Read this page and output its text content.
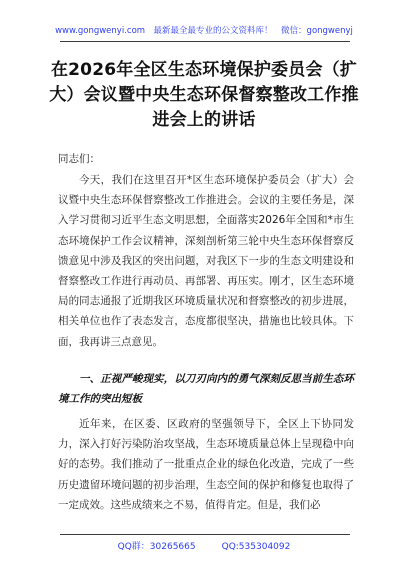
www.gongwenyi.com　最新最全最专业的公文资料库！　微信：gongwenyj
在2026年全区生态环境保护委员会（扩大）会议暨中央生态环保督察整改工作推进会上的讲话
同志们：
今天，我们在这里召开*区生态环境保护委员会（扩大）会议暨中央生态环保督察整改工作推进会。会议的主要任务是，深入学习贯彻习近平生态文明思想，全面落实2026年全国和*市生态环境保护工作会议精神，深刻剖析第三轮中央生态环保督察反馈意见中涉及我区的突出问题，对我区下一步的生态文明建设和督察整改工作进行再动员、再部署、再压实。刚才，区生态环境局的同志通报了近期我区环境质量状况和督察整改的初步进展，相关单位也作了表态发言，态度都很坚决，措施也比较具体。下面，我再讲三点意见。
一、正视严峻现实，以刀刃向内的勇气深刻反思当前生态环境工作的突出短板
近年来，在区委、区政府的坚强领导下，全区上下协同发力，深入打好污染防治攻坚战，生态环境质量总体上呈现稳中向好的态势。我们推动了一批重点企业的绿色化改造，完成了一些历史遗留环境问题的初步治理，生态空间的保护和修复也取得了一定成效。这些成绩来之不易，值得肯定。但是，我们必
QQ群：30265665	QQ:535304092
